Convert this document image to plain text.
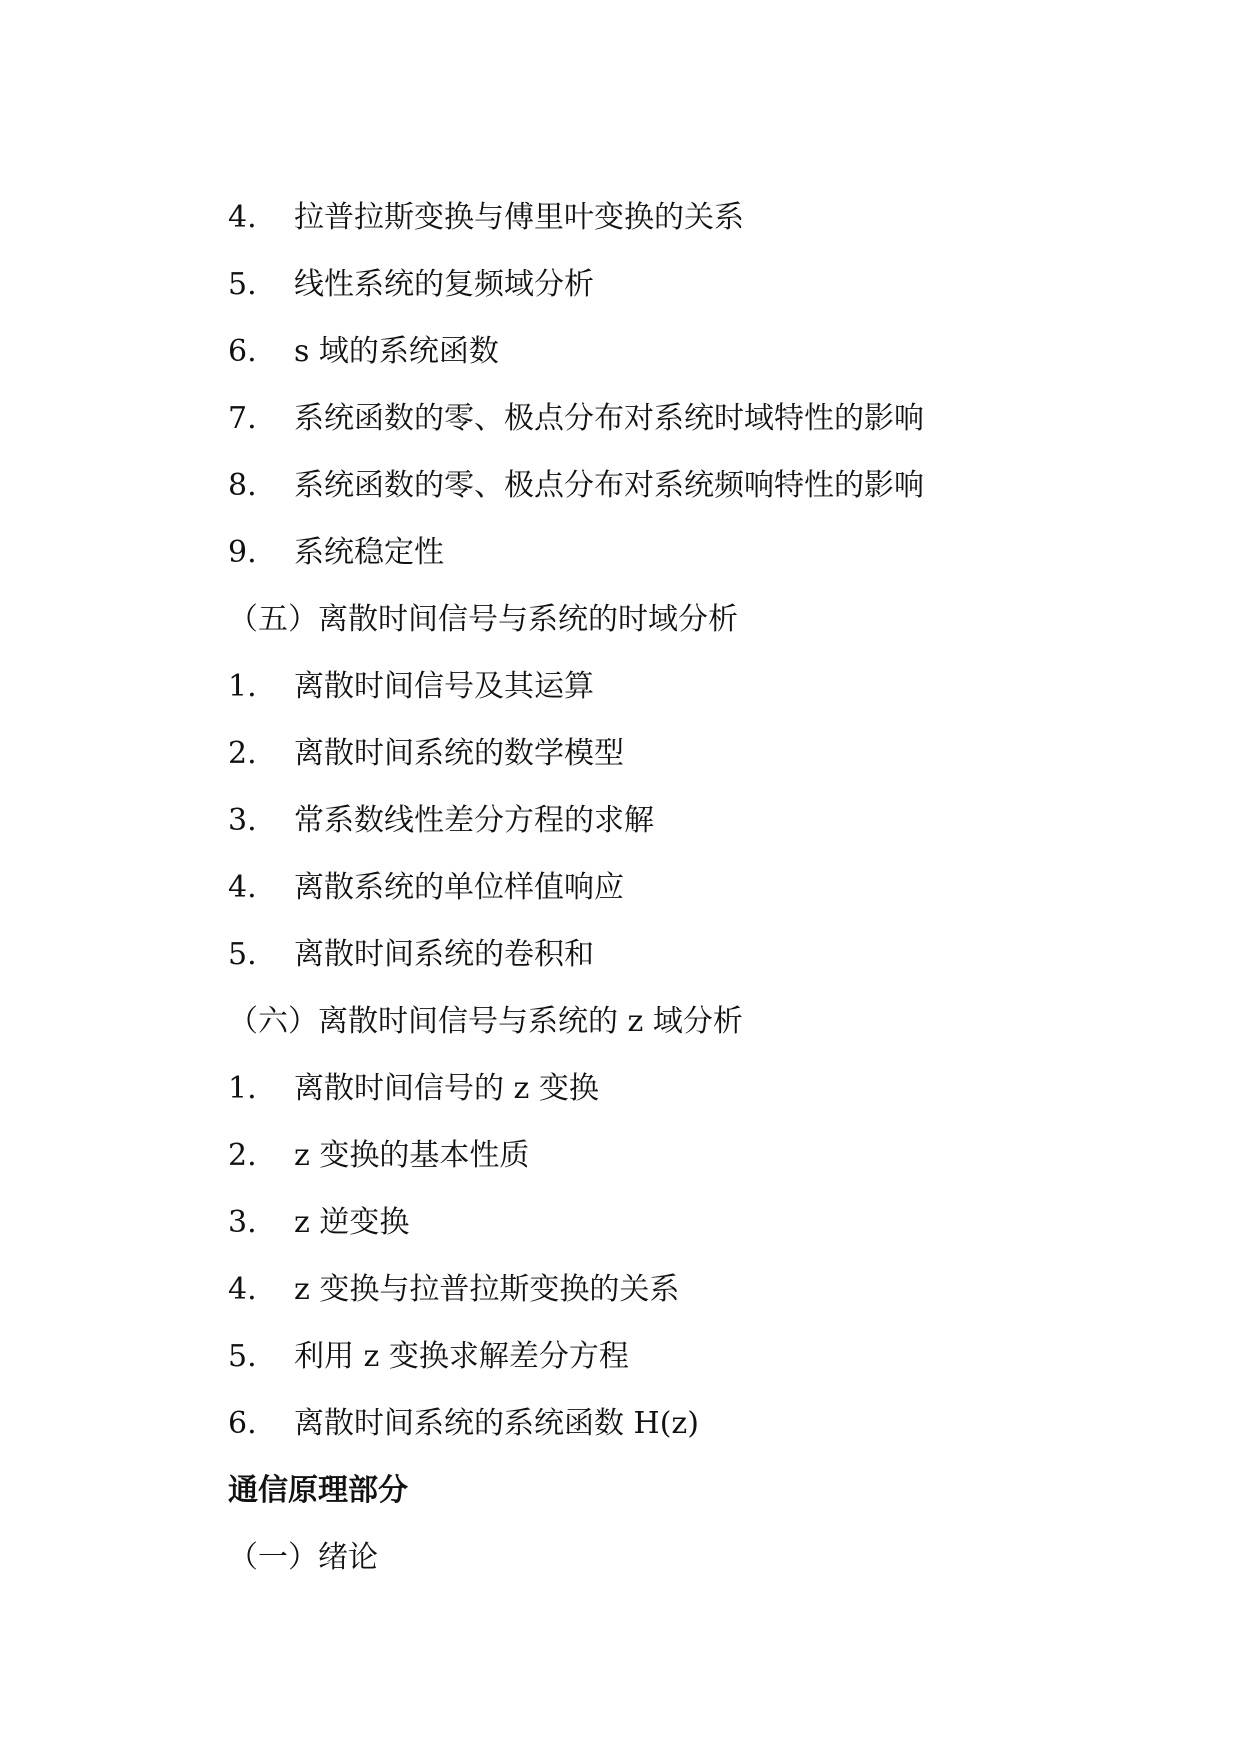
4. 拉普拉斯变换与傅里叶变换的关系
5. 线性系统的复频域分析
6. s 域的系统函数
7. 系统函数的零、极点分布对系统时域特性的影响
8. 系统函数的零、极点分布对系统频响特性的影响
9. 系统稳定性
（五）离散时间信号与系统的时域分析
1. 离散时间信号及其运算
2. 离散时间系统的数学模型
3. 常系数线性差分方程的求解
4. 离散系统的单位样值响应
5. 离散时间系统的卷积和
（六）离散时间信号与系统的 z 域分析
1. 离散时间信号的 z 变换
2. z 变换的基本性质
3. z 逆变换
4. z 变换与拉普拉斯变换的关系
5. 利用 z 变换求解差分方程
6. 离散时间系统的系统函数 H(z)
通信原理部分
（一）绪论
